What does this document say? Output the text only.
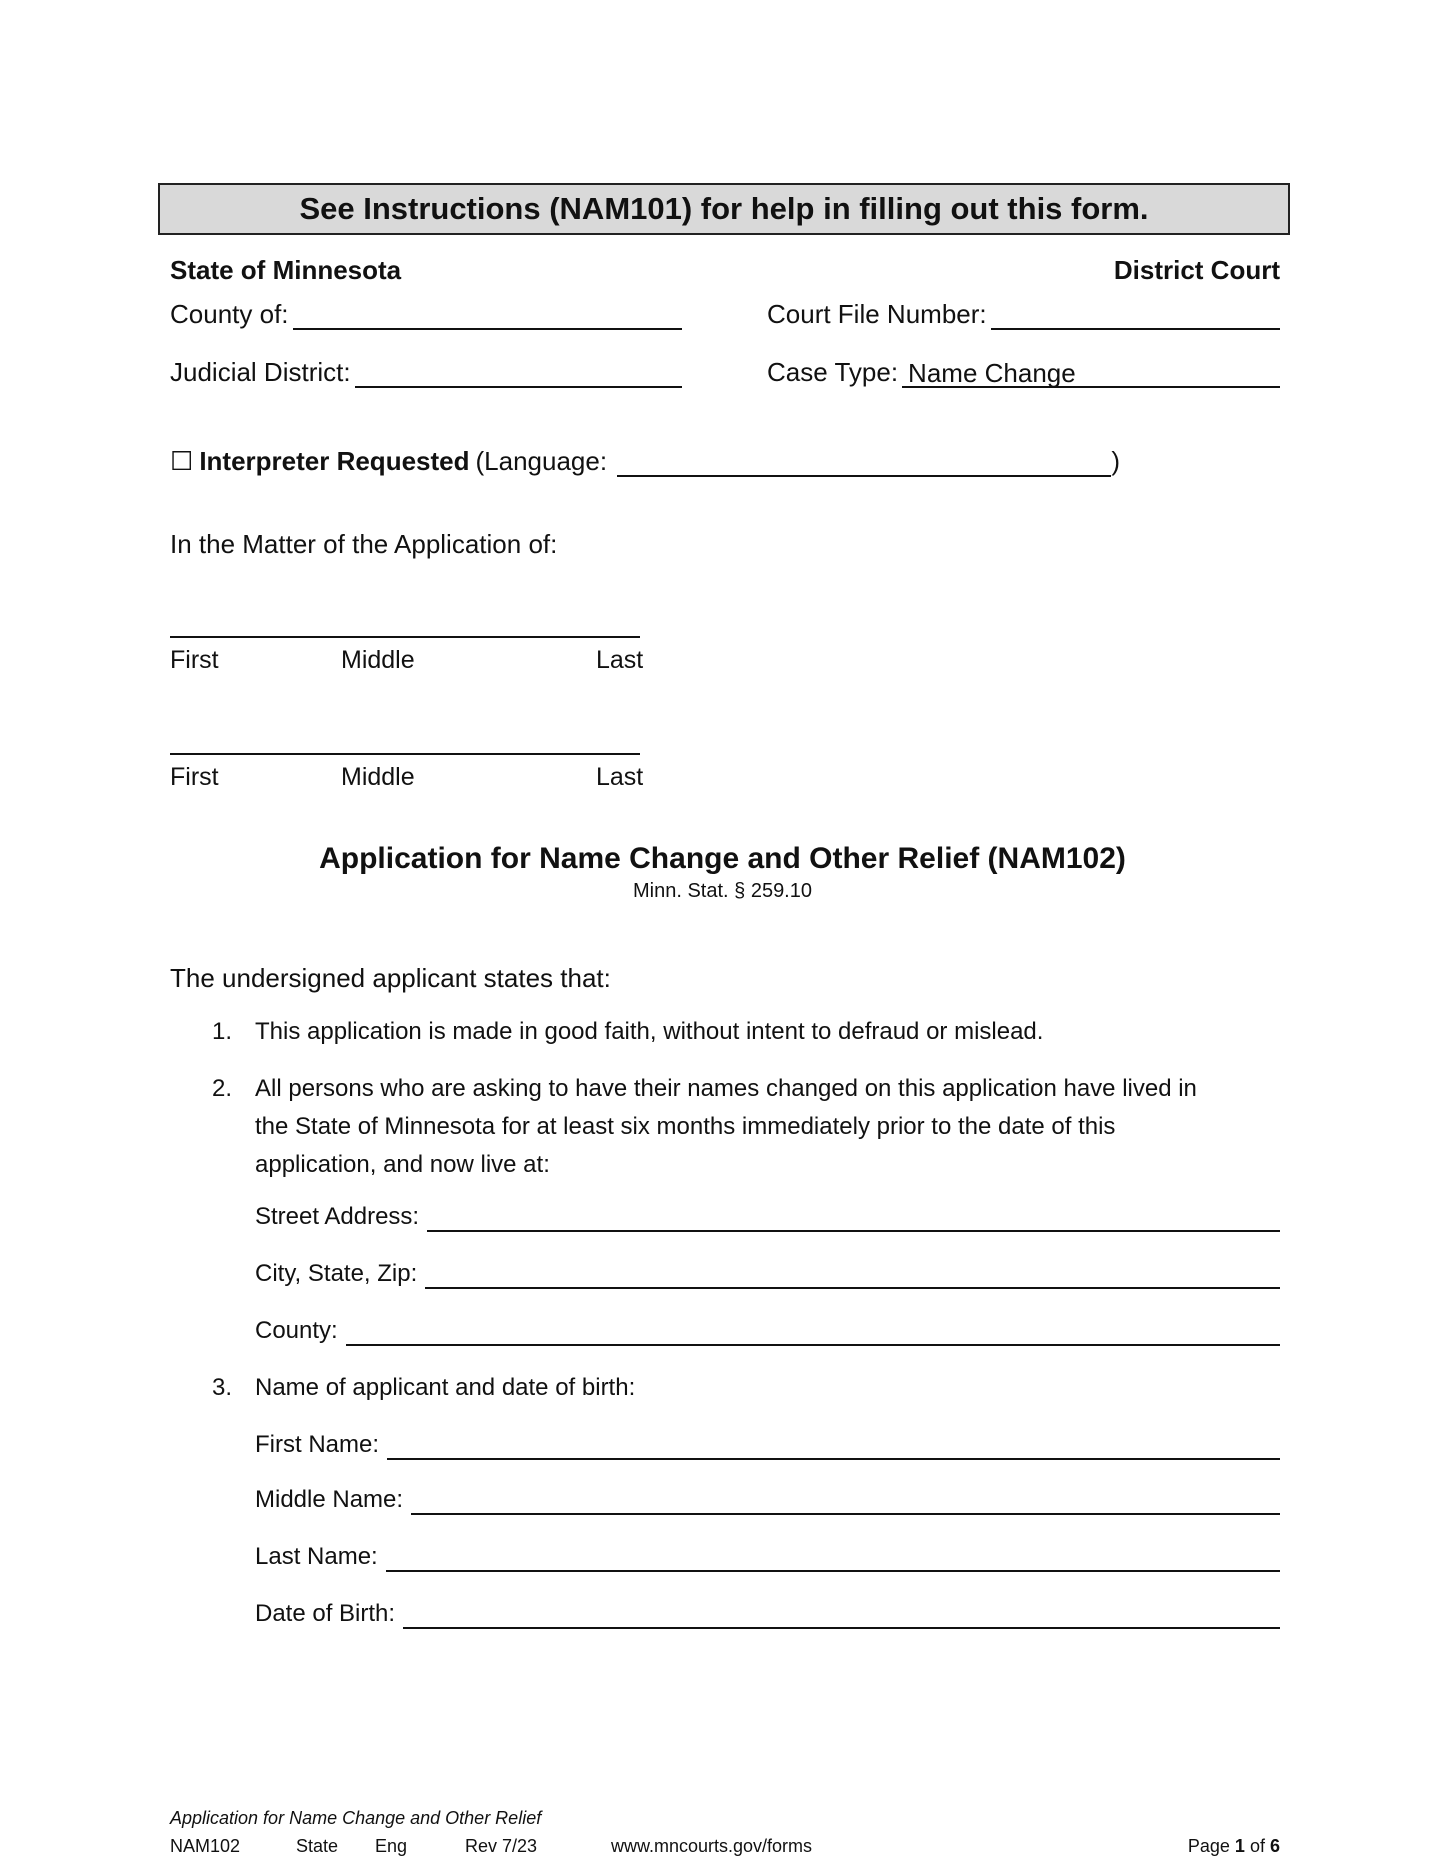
See Instructions (NAM101) for help in filling out this form.
State of Minnesota	District Court
County of:	Court File Number:
Judicial District:	Case Type: Name Change
☐ Interpreter Requested (Language:	)
In the Matter of the Application of:
First	Middle	Last
First	Middle	Last
Application for Name Change and Other Relief (NAM102)
Minn. Stat. § 259.10
The undersigned applicant states that:
1. This application is made in good faith, without intent to defraud or mislead.
2. All persons who are asking to have their names changed on this application have lived in
the State of Minnesota for at least six months immediately prior to the date of this
application, and now live at:
Street Address:
City, State, Zip:
County:
3. Name of applicant and date of birth:
First Name:
Middle Name:
Last Name:
Date of Birth:
Application for Name Change and Other Relief
NAM102	State Eng	Rev 7/23	www.mncourts.gov/forms	Page 1 of 6
